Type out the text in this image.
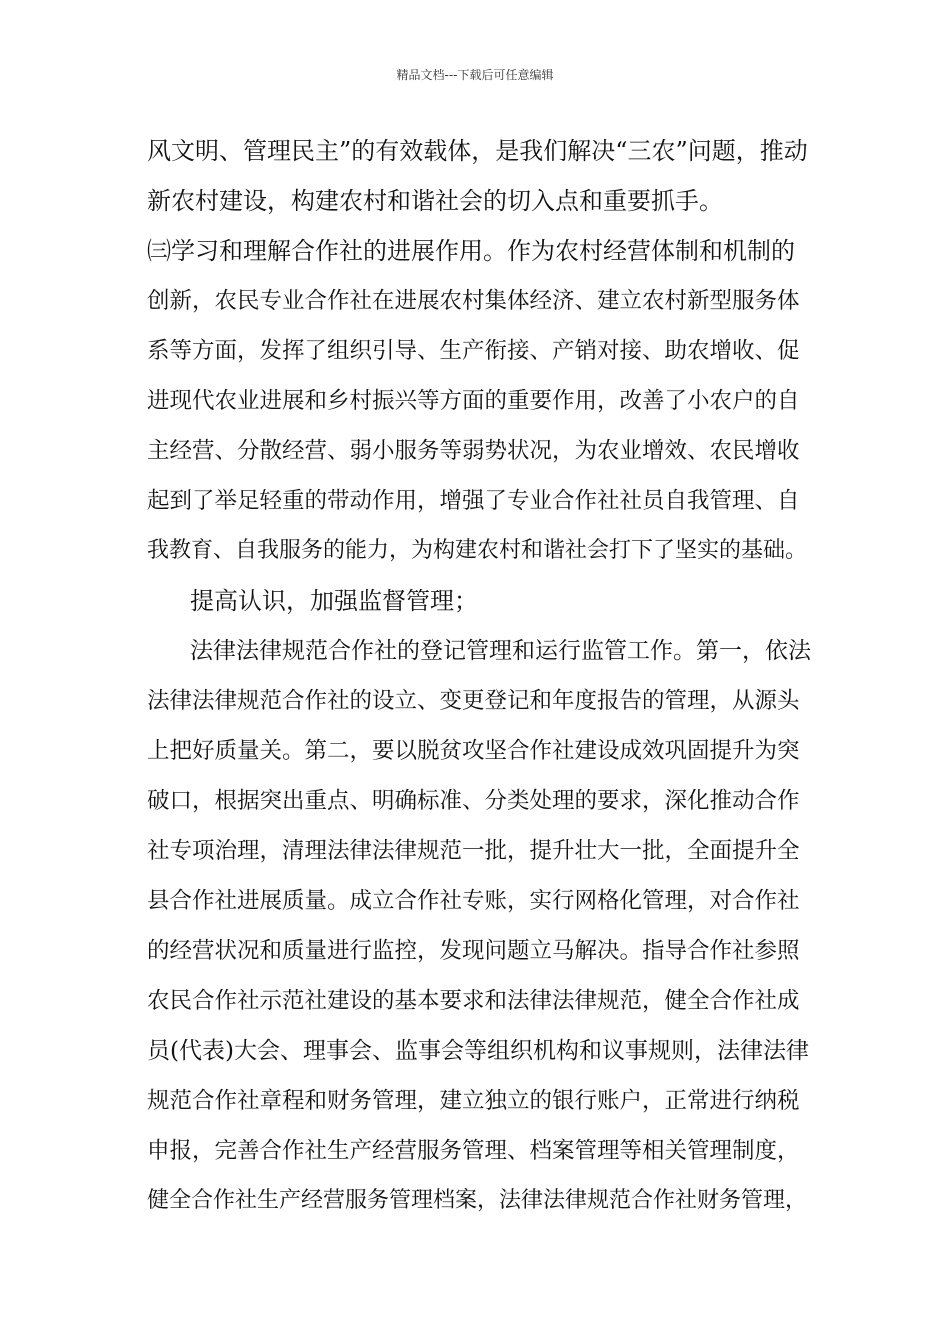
精品文档---下载后可任意编辑
风文明、管理民主”的有效载体，是我们解决“三农”问题，推动
新农村建设，构建农村和谐社会的切入点和重要抓手。
㈢学习和理解合作社的进展作用。作为农村经营体制和机制的
创新，农民专业合作社在进展农村集体经济、建立农村新型服务体
系等方面，发挥了组织引导、生产衔接、产销对接、助农增收、促
进现代农业进展和乡村振兴等方面的重要作用，改善了小农户的自
主经营、分散经营、弱小服务等弱势状况，为农业增效、农民增收
起到了举足轻重的带动作用，增强了专业合作社社员自我管理、自
我教育、自我服务的能力，为构建农村和谐社会打下了坚实的基础。
提高认识，加强监督管理；
法律法律规范合作社的登记管理和运行监管工作。第一，依法
法律法律规范合作社的设立、变更登记和年度报告的管理，从源头
上把好质量关。第二，要以脱贫攻坚合作社建设成效巩固提升为突
破口，根据突出重点、明确标准、分类处理的要求，深化推动合作
社专项治理，清理法律法律规范一批，提升壮大一批，全面提升全
县合作社进展质量。成立合作社专账，实行网格化管理，对合作社
的经营状况和质量进行监控，发现问题立马解决。指导合作社参照
农民合作社示范社建设的基本要求和法律法律规范，健全合作社成
员(代表)大会、理事会、监事会等组织机构和议事规则，法律法律
规范合作社章程和财务管理，建立独立的银行账户，正常进行纳税
申报，完善合作社生产经营服务管理、档案管理等相关管理制度，
健全合作社生产经营服务管理档案，法律法律规范合作社财务管理，
